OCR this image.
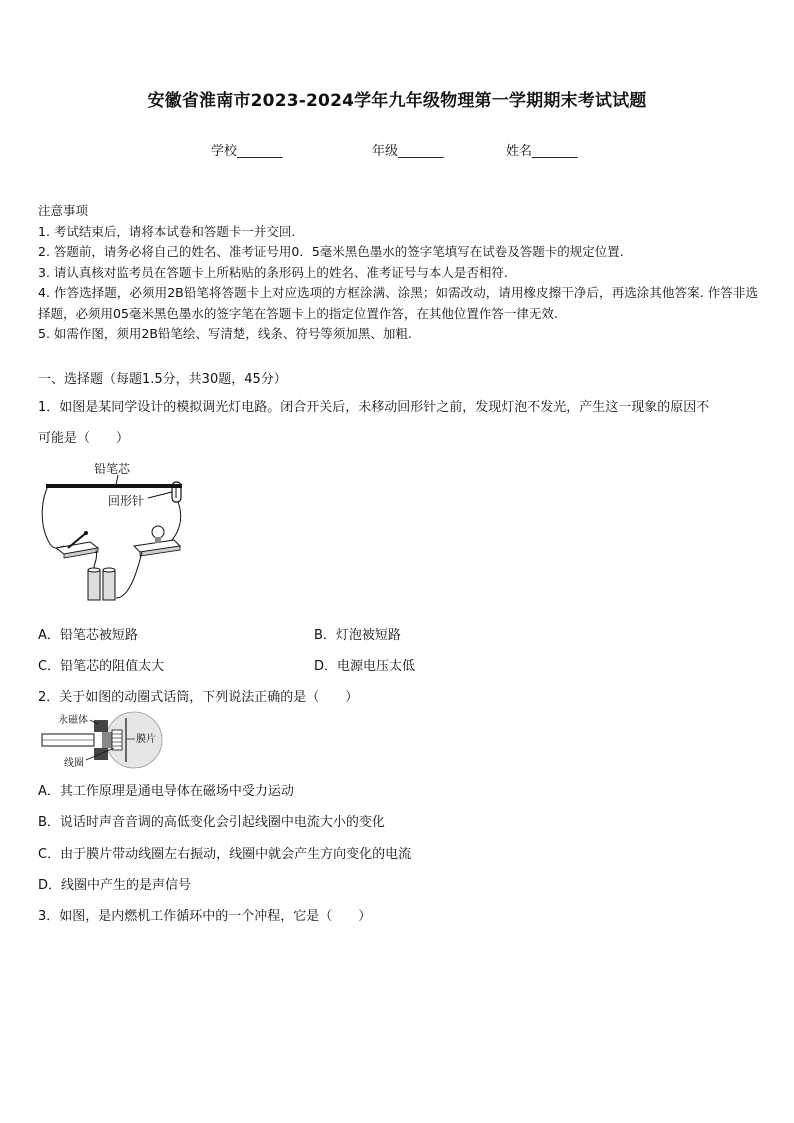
安徽省淮南市2023-2024学年九年级物理第一学期期末考试试题
学校_______	年级_______	姓名_______
注意事项
1. 考试结束后，请将本试卷和答题卡一并交回.
2. 答题前，请务必将自己的姓名、准考证号用0．5毫米黑色墨水的签字笔填写在试卷及答题卡的规定位置.
3. 请认真核对监考员在答题卡上所粘贴的条形码上的姓名、准考证号与本人是否相符.
4. 作答选择题，必须用2B铅笔将答题卡上对应选项的方框涂满、涂黑；如需改动，请用橡皮擦干净后，再选涂其他答案. 作答非选择题，必须用05毫米黑色墨水的签字笔在答题卡上的指定位置作答，在其他位置作答一律无效.
5. 如需作图，须用2B铅笔绘、写清楚，线条、符号等须加黑、加粗.
一、选择题（每题1.5分，共30题，45分）
1．如图是某同学设计的模拟调光灯电路。闭合开关后，未移动回形针之前，发现灯泡不发光，产生这一现象的原因不
可能是（　　）
铅笔芯
回形针
A．铅笔芯被短路	B．灯泡被短路
C．铅笔芯的阻值太大	D．电源电压太低
2．关于如图的动圈式话筒，下列说法正确的是（　　）
永磁体
膜片
线圈
A．其工作原理是通电导体在磁场中受力运动
B．说话时声音音调的高低变化会引起线圈中电流大小的变化
C．由于膜片带动线圈左右振动，线圈中就会产生方向变化的电流
D．线圈中产生的是声信号
3．如图，是内燃机工作循环中的一个冲程，它是（　　）
